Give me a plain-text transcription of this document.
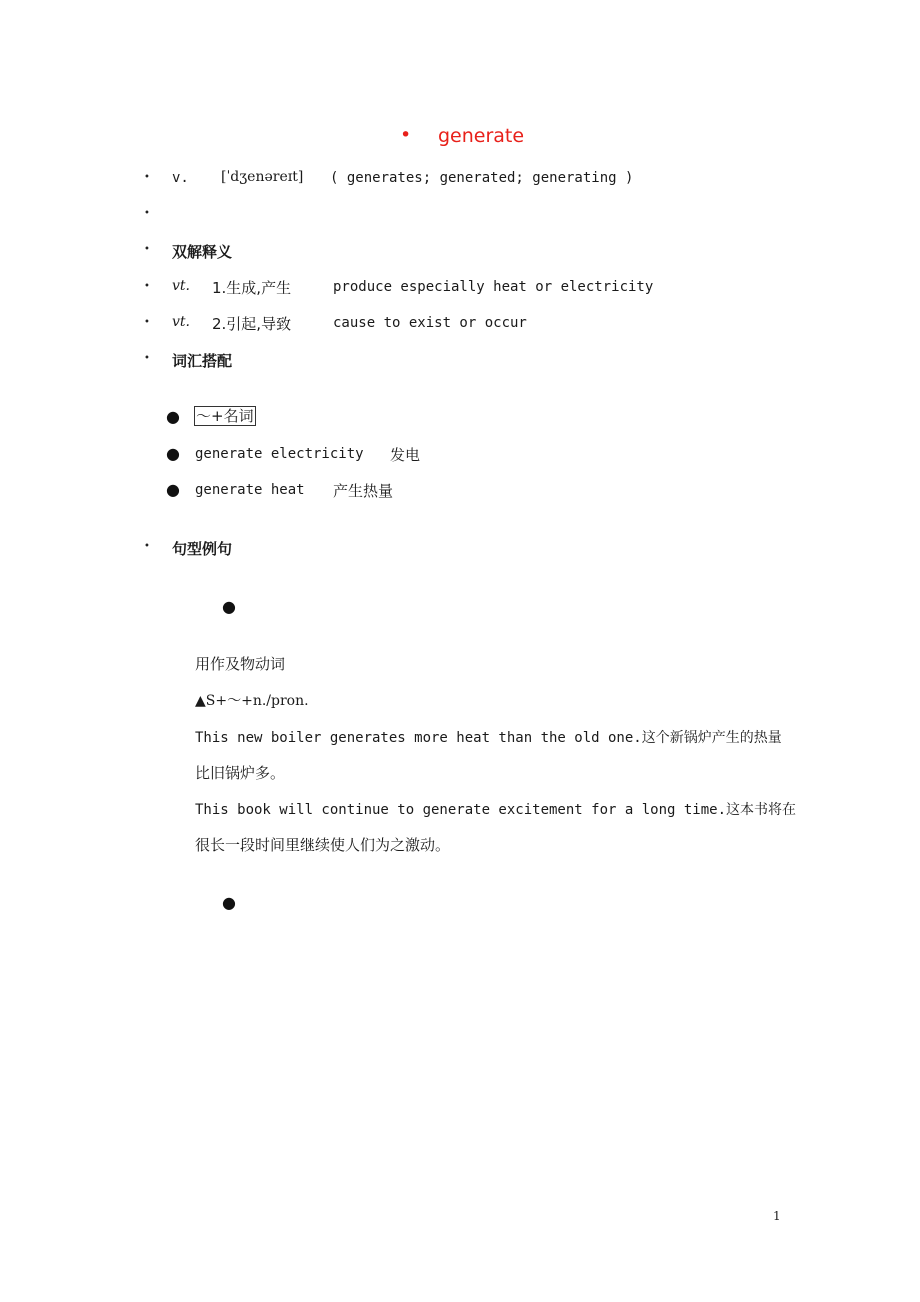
• generate
• v. [ˈdʒenəreɪt] ( generates; generated; generating )
•
• 双解释义
• vt. 1.生成,产生	produce especially heat or electricity
• vt. 2.引起,导致	cause to exist or occur
• 词汇搭配
● ～+名词
● generate electricity 发电
● generate heat 产生热量
• 句型例句
●
用作及物动词
▲S+～+n./pron.
This new boiler generates more heat than the old one.这个新锅炉产生的热量
比旧锅炉多。
This book will continue to generate excitement for a long time.这本书将在
很长一段时间里继续使人们为之激动。
●
1
